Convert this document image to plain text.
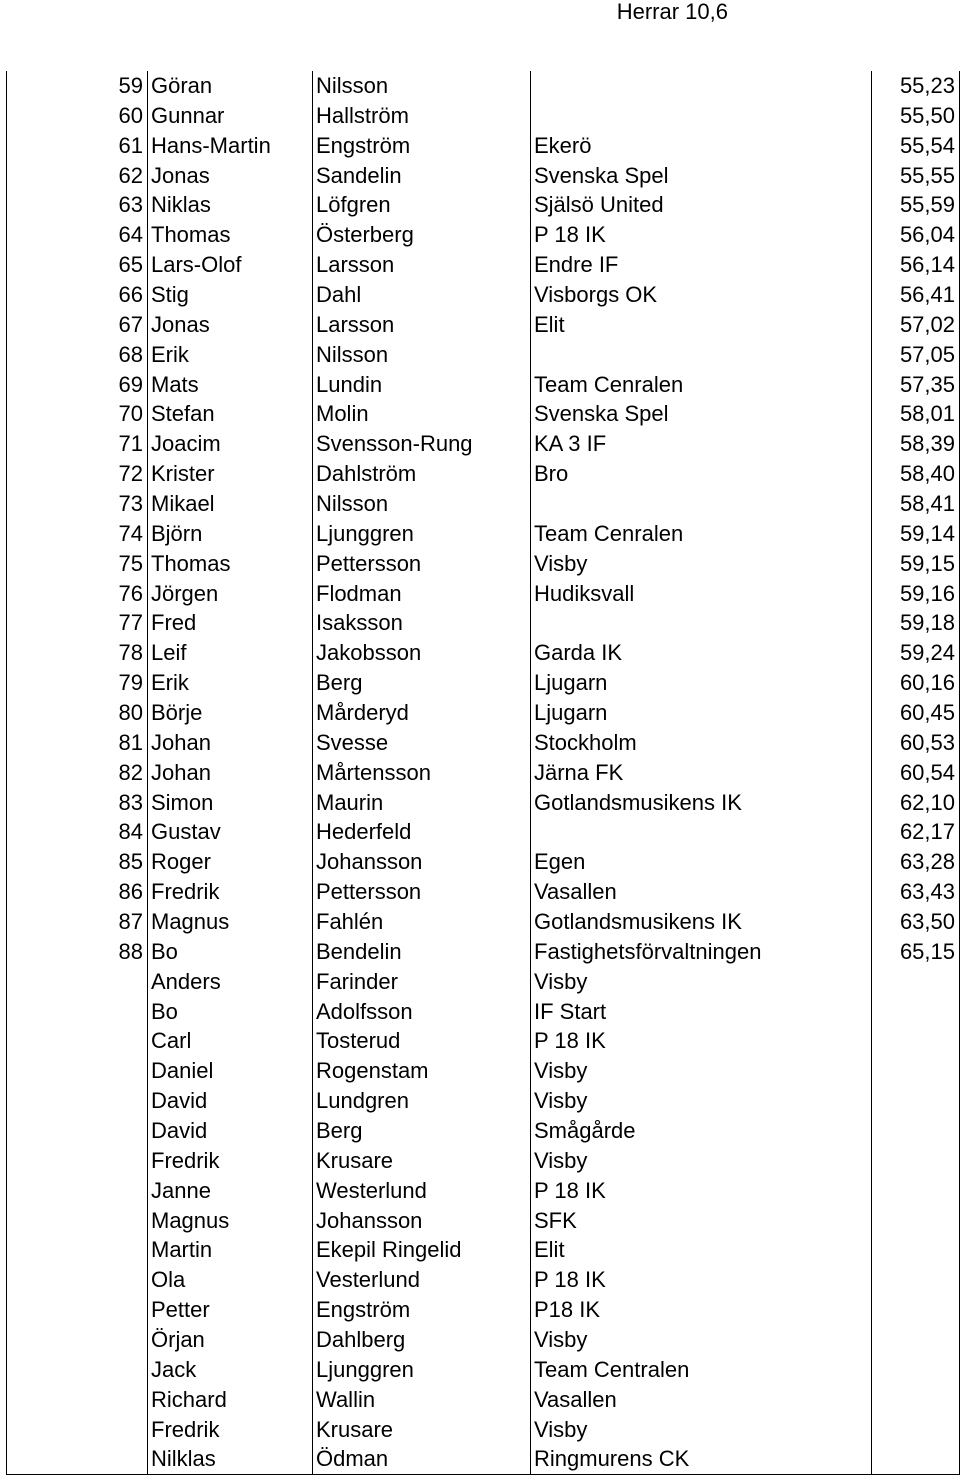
Herrar 10,6
59	Göran	Nilsson		55,23
60	Gunnar	Hallström		55,50
61	Hans-Martin	Engström	Ekerö	55,54
62	Jonas	Sandelin	Svenska Spel	55,55
63	Niklas	Löfgren	Själsö United	55,59
64	Thomas	Österberg	P 18 IK	56,04
65	Lars-Olof	Larsson	Endre IF	56,14
66	Stig	Dahl	Visborgs OK	56,41
67	Jonas	Larsson	Elit	57,02
68	Erik	Nilsson		57,05
69	Mats	Lundin	Team Cenralen	57,35
70	Stefan	Molin	Svenska Spel	58,01
71	Joacim	Svensson-Rung	KA 3 IF	58,39
72	Krister	Dahlström	Bro	58,40
73	Mikael	Nilsson		58,41
74	Björn	Ljunggren	Team Cenralen	59,14
75	Thomas	Pettersson	Visby	59,15
76	Jörgen	Flodman	Hudiksvall	59,16
77	Fred	Isaksson		59,18
78	Leif	Jakobsson	Garda IK	59,24
79	Erik	Berg	Ljugarn	60,16
80	Börje	Mårderyd	Ljugarn	60,45
81	Johan	Svesse	Stockholm	60,53
82	Johan	Mårtensson	Järna FK	60,54
83	Simon	Maurin	Gotlandsmusikens IK	62,10
84	Gustav	Hederfeld		62,17
85	Roger	Johansson	Egen	63,28
86	Fredrik	Pettersson	Vasallen	63,43
87	Magnus	Fahlén	Gotlandsmusikens IK	63,50
88	Bo	Bendelin	Fastighetsförvaltningen	65,15
	Anders	Farinder	Visby	
	Bo	Adolfsson	IF Start	
	Carl	Tosterud	P 18 IK	
	Daniel	Rogenstam	Visby	
	David	Lundgren	Visby	
	David	Berg	Smågårde	
	Fredrik	Krusare	Visby	
	Janne	Westerlund	P 18 IK	
	Magnus	Johansson	SFK	
	Martin	Ekepil Ringelid	Elit	
	Ola	Vesterlund	P 18 IK	
	Petter	Engström	P18 IK	
	Örjan	Dahlberg	Visby	
	Jack	Ljunggren	Team Centralen	
	Richard	Wallin	Vasallen	
	Fredrik	Krusare	Visby	
	Nilklas	Ödman	Ringmurens CK	
